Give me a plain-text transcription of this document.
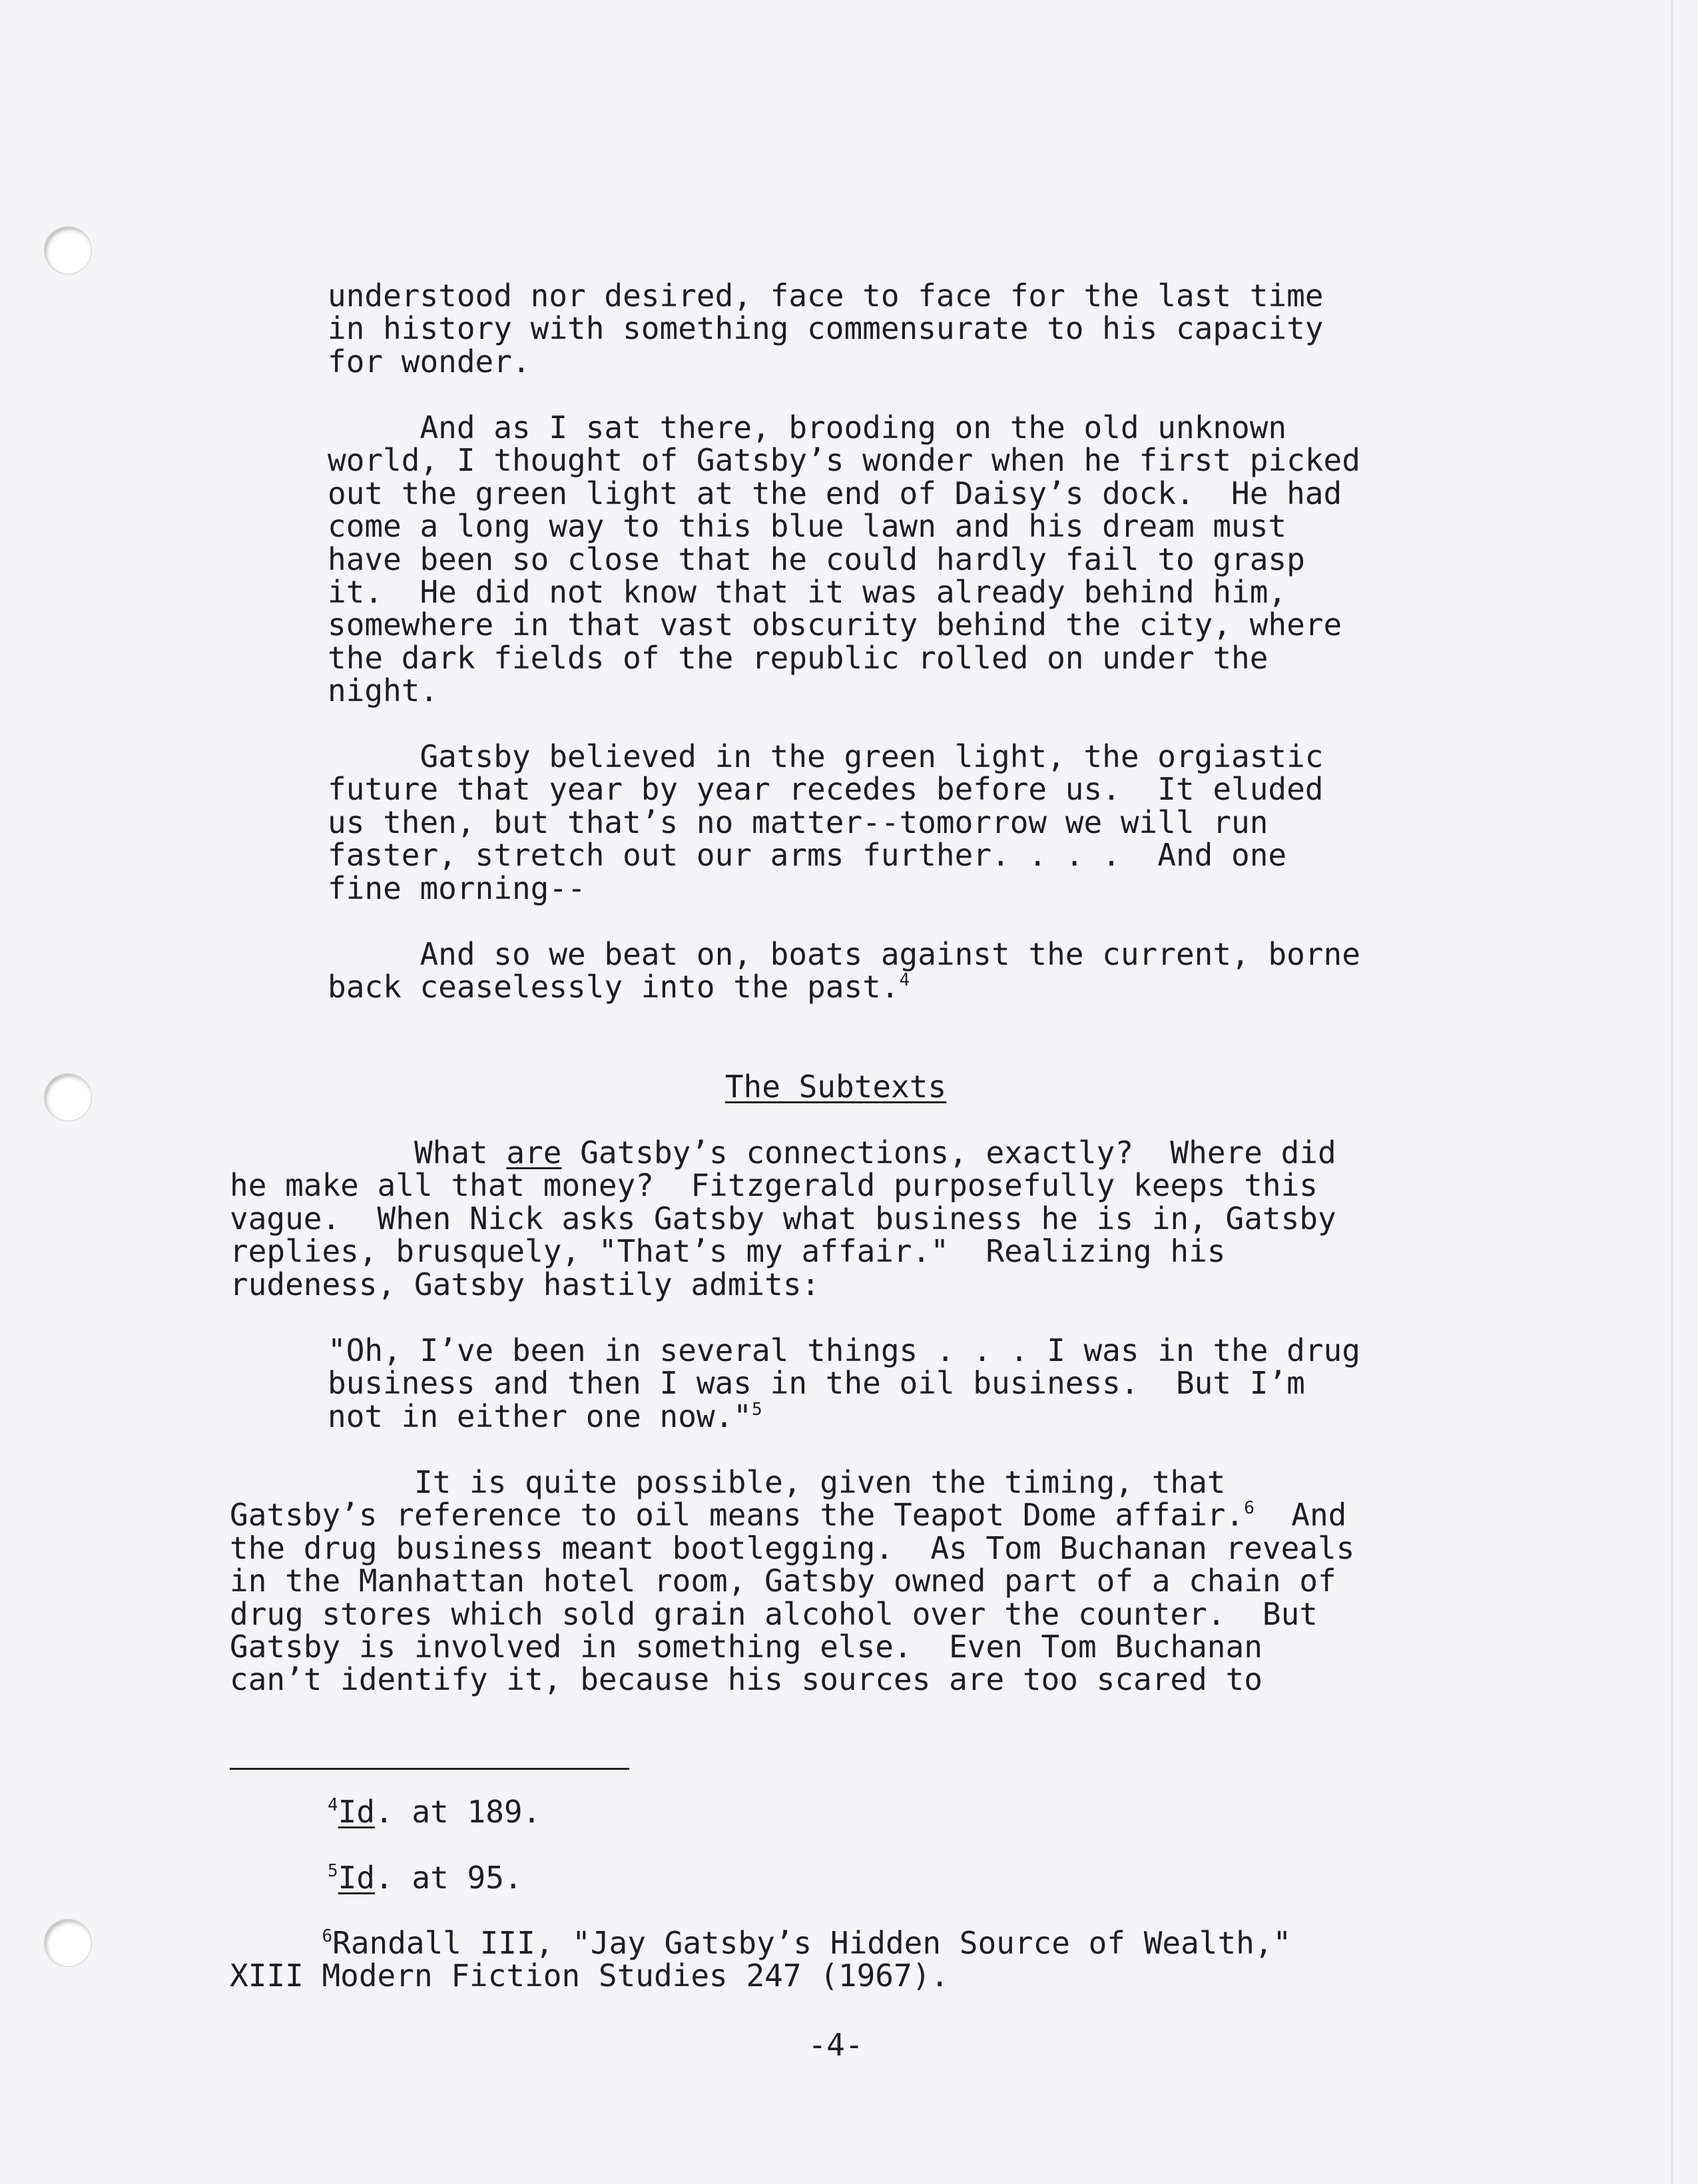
understood nor desired, face to face for the last time
in history with something commensurate to his capacity
for wonder.
And as I sat there, brooding on the old unknown
world, I thought of Gatsby’s wonder when he first picked
out the green light at the end of Daisy’s dock.  He had
come a long way to this blue lawn and his dream must
have been so close that he could hardly fail to grasp
it.  He did not know that it was already behind him,
somewhere in that vast obscurity behind the city, where
the dark fields of the republic rolled on under the
night.
Gatsby believed in the green light, the orgiastic
future that year by year recedes before us.  It eluded
us then, but that’s no matter--tomorrow we will run
faster, stretch out our arms further. . . .  And one
fine morning--
And so we beat on, boats against the current, borne
back ceaselessly into the past.$^4$
The Subtexts
What are Gatsby’s connections, exactly?  Where did
he make all that money?  Fitzgerald purposefully keeps this
vague.  When Nick asks Gatsby what business he is in, Gatsby
replies, brusquely, "That’s my affair."  Realizing his
rudeness, Gatsby hastily admits:
"Oh, I’ve been in several things . . . I was in the drug
business and then I was in the oil business.  But I’m
not in either one now."$^5$
It is quite possible, given the timing, that
Gatsby’s reference to oil means the Teapot Dome affair.$^6$  And
the drug business meant bootlegging.  As Tom Buchanan reveals
in the Manhattan hotel room, Gatsby owned part of a chain of
drug stores which sold grain alcohol over the counter.  But
Gatsby is involved in something else.  Even Tom Buchanan
can’t identify it, because his sources are too scared to
$^4$Id. at 189.
$^5$Id. at 95.
$^6$Randall III, "Jay Gatsby’s Hidden Source of Wealth,"
XIII Modern Fiction Studies 247 (1967).
-4-
